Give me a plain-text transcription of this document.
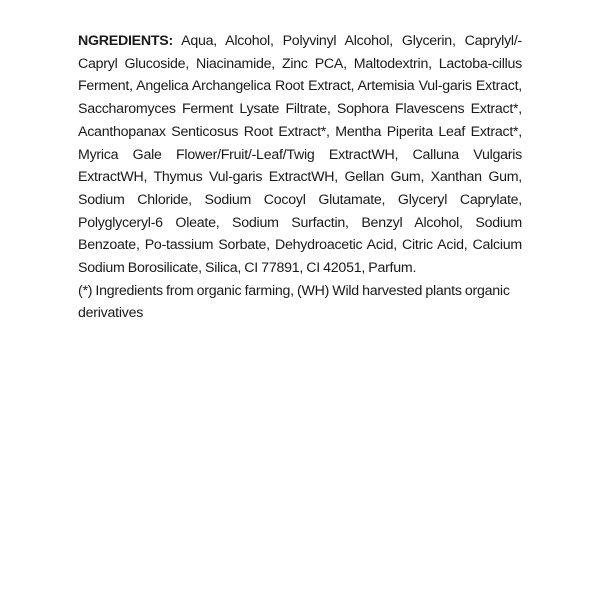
NGREDIENTS: Aqua, Alcohol, Polyvinyl Alcohol, Glycerin, Caprylyl/-Capryl Glucoside, Niacinamide, Zinc PCA, Maltodextrin, Lactoba-cillus Ferment, Angelica Archangelica Root Extract, Artemisia Vul-garis Extract, Saccharomyces Ferment Lysate Filtrate, Sophora Flavescens Extract*, Acanthopanax Senticosus Root Extract*, Mentha Piperita Leaf Extract*, Myrica Gale Flower/Fruit/-Leaf/Twig ExtractWH, Calluna Vulgaris ExtractWH, Thymus Vul-garis ExtractWH, Gellan Gum, Xanthan Gum, Sodium Chloride, Sodium Cocoyl Glutamate, Glyceryl Caprylate, Polyglyceryl-6 Oleate, Sodium Surfactin, Benzyl Alcohol, Sodium Benzoate, Po-tassium Sorbate, Dehydroacetic Acid, Citric Acid, Calcium Sodium Borosilicate, Silica, CI 77891, CI 42051, Parfum.

(*) Ingredients from organic farming, (WH) Wild harvested plants organic derivatives
